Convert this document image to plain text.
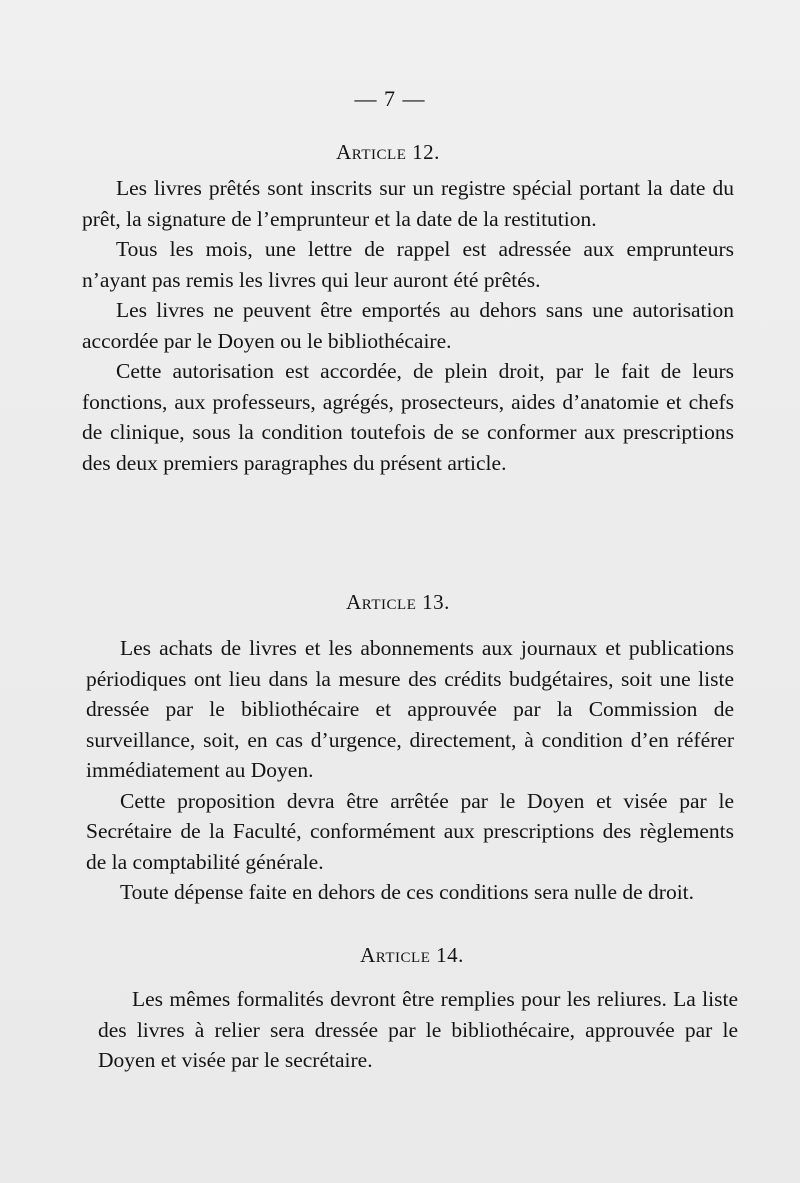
— 7 —
Article 12.

Les livres prêtés sont inscrits sur un registre spécial portant la date du prêt, la signature de l’emprunteur et la date de la restitution.

Tous les mois, une lettre de rappel est adressée aux emprunteurs n’ayant pas remis les livres qui leur auront été prêtés.

Les livres ne peuvent être emportés au dehors sans une autorisation accordée par le Doyen ou le bibliothécaire.

Cette autorisation est accordée, de plein droit, par le fait de leurs fonctions, aux professeurs, agrégés, prosecteurs, aides d’anatomie et chefs de clinique, sous la condition toutefois de se conformer aux prescriptions des deux premiers paragraphes du présent article.

Article 13.

Les achats de livres et les abonnements aux journaux et publications périodiques ont lieu dans la mesure des crédits budgétaires, soit une liste dressée par le bibliothécaire et approuvée par la Commission de surveillance, soit, en cas d’urgence, directement, à condition d’en référer immédiatement au Doyen.

Cette proposition devra être arrêtée par le Doyen et visée par le Secrétaire de la Faculté, conformément aux prescriptions des règlements de la comptabilité générale.

Toute dépense faite en dehors de ces conditions sera nulle de droit.

Article 14.

Les mêmes formalités devront être remplies pour les reliures. La liste des livres à relier sera dressée par le bibliothécaire, approuvée par le Doyen et visée par le secrétaire.
